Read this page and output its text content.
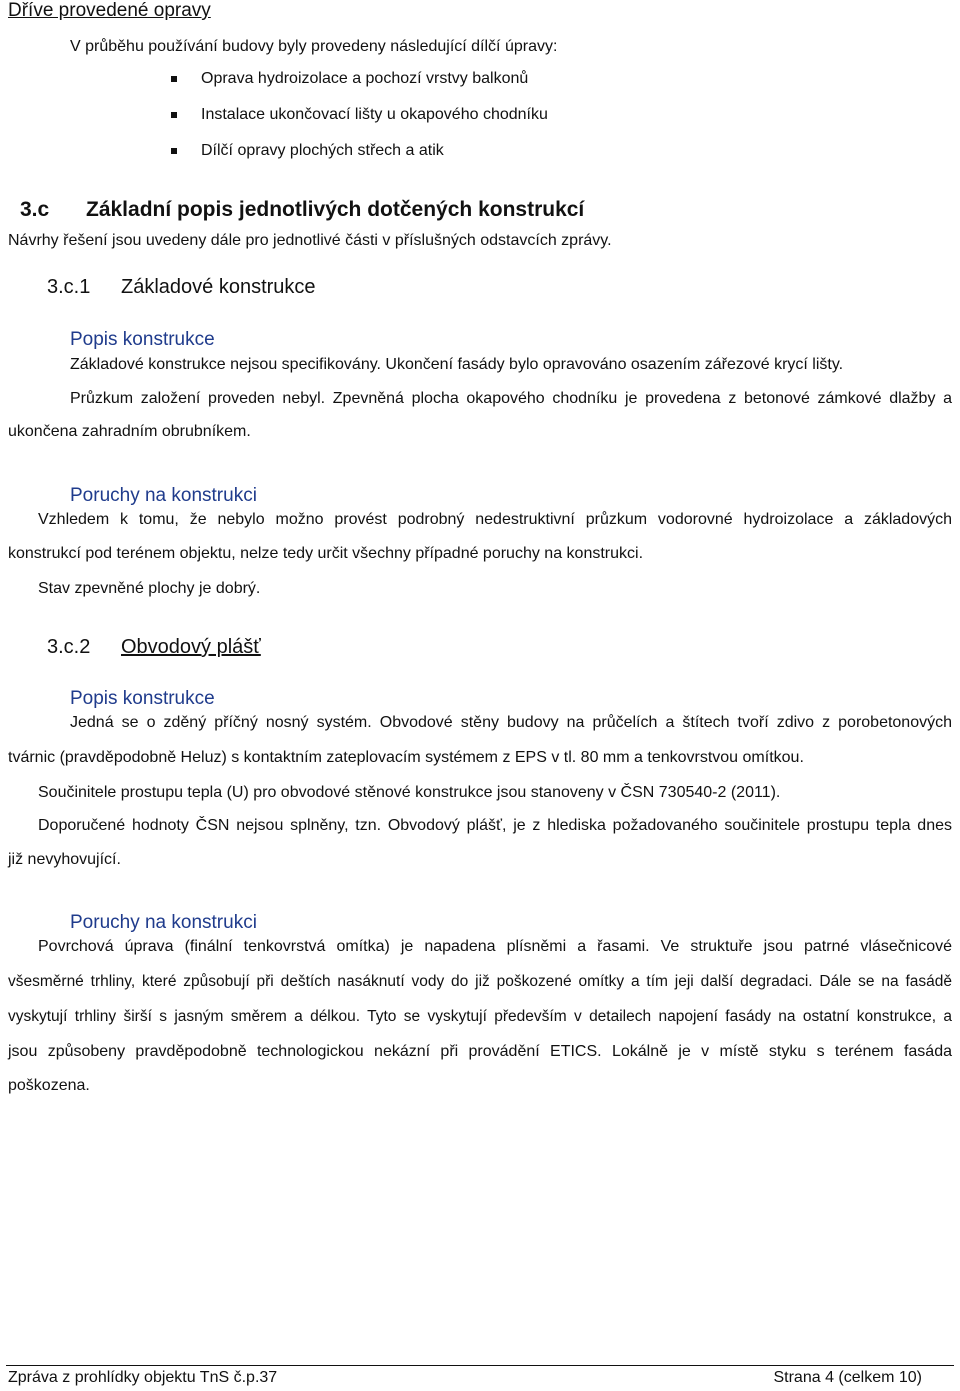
Dříve provedené opravy
V průběhu používání budovy byly provedeny následující dílčí úpravy:
Oprava hydroizolace a pochozí vrstvy balkonů
Instalace ukončovací lišty u okapového chodníku
Dílčí opravy plochých střech a atik
3.c Základní popis jednotlivých dotčených konstrukcí
Návrhy řešení jsou uvedeny dále pro jednotlivé části v příslušných odstavcích zprávy.
3.c.1 Základové konstrukce
Popis konstrukce
Základové konstrukce nejsou specifikovány. Ukončení fasády bylo opravováno osazením zářezové krycí lišty.
Průzkum založení proveden nebyl. Zpevněná plocha okapového chodníku je provedena z betonové zámkové dlažby a
ukončena zahradním obrubníkem.
Poruchy na konstrukci
Vzhledem k tomu, že nebylo možno provést podrobný nedestruktivní průzkum vodorovné hydroizolace a základových
konstrukcí pod terénem objektu, nelze tedy určit všechny případné poruchy na konstrukci.
Stav zpevněné plochy je dobrý.
3.c.2 Obvodový plášť
Popis konstrukce
Jedná se o zděný příčný nosný systém. Obvodové stěny budovy na průčelích a štítech tvoří zdivo z porobetonových
tvárnic (pravděpodobně Heluz) s kontaktním zateplovacím systémem z EPS v tl. 80 mm a tenkovrstvou omítkou.
Součinitele prostupu tepla (U) pro obvodové stěnové konstrukce jsou stanoveny v ČSN 730540-2 (2011).
Doporučené hodnoty ČSN nejsou splněny, tzn. Obvodový plášť, je z hlediska požadovaného součinitele prostupu tepla dnes
již nevyhovující.
Poruchy na konstrukci
Povrchová úprava (finální tenkovrstvá omítka) je napadena plísněmi a řasami. Ve struktuře jsou patrné vlásečnicové
všesměrné trhliny, které způsobují při deštích nasáknutí vody do již poškozené omítky a tím jeji další degradaci. Dále se na fasádě
vyskytují trhliny širší s jasným směrem a délkou. Tyto se vyskytují především v detailech napojení fasády na ostatní konstrukce, a
jsou způsobeny pravděpodobně technologickou nekázní při provádění ETICS. Lokálně je v místě styku s terénem fasáda
poškozena.
Zpráva z prohlídky objektu TnS č.p.37	Strana 4 (celkem 10)
